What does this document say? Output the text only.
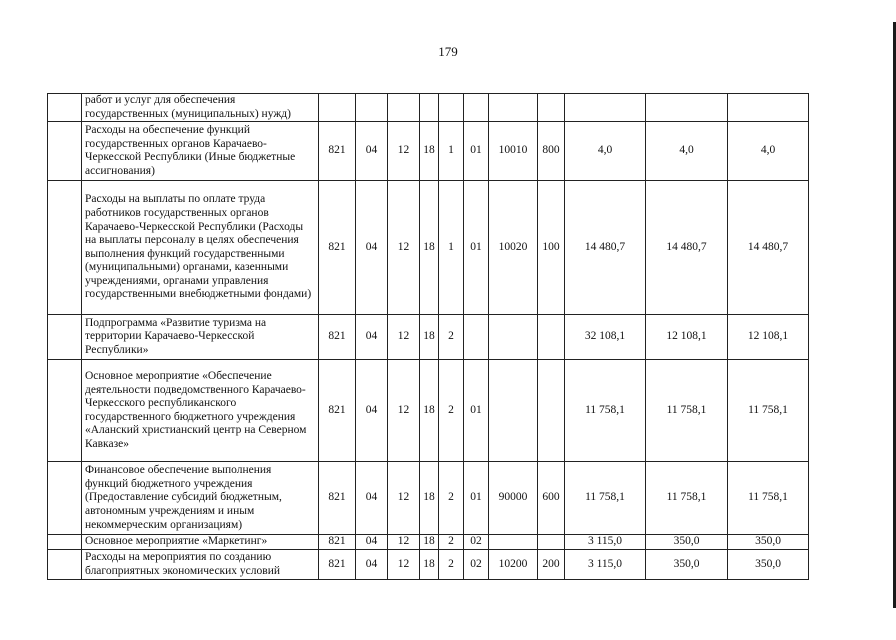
179
	работ и услуг для обеспечения государственных (муниципальных) нужд)											
	Расходы на обеспечение функций государственных органов Карачаево-Черкесской Республики (Иные бюджетные ассигнования)	821	04	12	18	1	01	10010	800	4,0	4,0	4,0
	Расходы на выплаты по оплате труда работников государственных органов Карачаево-Черкесской Республики (Расходы на выплаты персоналу в целях обеспечения выполнения функций государственными (муниципальными) органами, казенными учреждениями, органами управления государственными внебюджетными фондами)	821	04	12	18	1	01	10020	100	14 480,7	14 480,7	14 480,7
	Подпрограмма «Развитие туризма на территории Карачаево-Черкесской Республики»	821	04	12	18	2				32 108,1	12 108,1	12 108,1
	Основное мероприятие «Обеспечение деятельности подведомственного Карачаево-Черкесского республиканского государственного бюджетного учреждения «Аланский христианский центр на Северном Кавказе»	821	04	12	18	2	01			11 758,1	11 758,1	11 758,1
	Финансовое обеспечение выполнения функций бюджетного учреждения (Предоставление субсидий бюджетным, автономным учреждениям и иным некоммерческим организациям)	821	04	12	18	2	01	90000	600	11 758,1	11 758,1	11 758,1
	Основное мероприятие «Маркетинг»	821	04	12	18	2	02			3 115,0	350,0	350,0
	Расходы на мероприятия по созданию благоприятных экономических условий	821	04	12	18	2	02	10200	200	3 115,0	350,0	350,0
